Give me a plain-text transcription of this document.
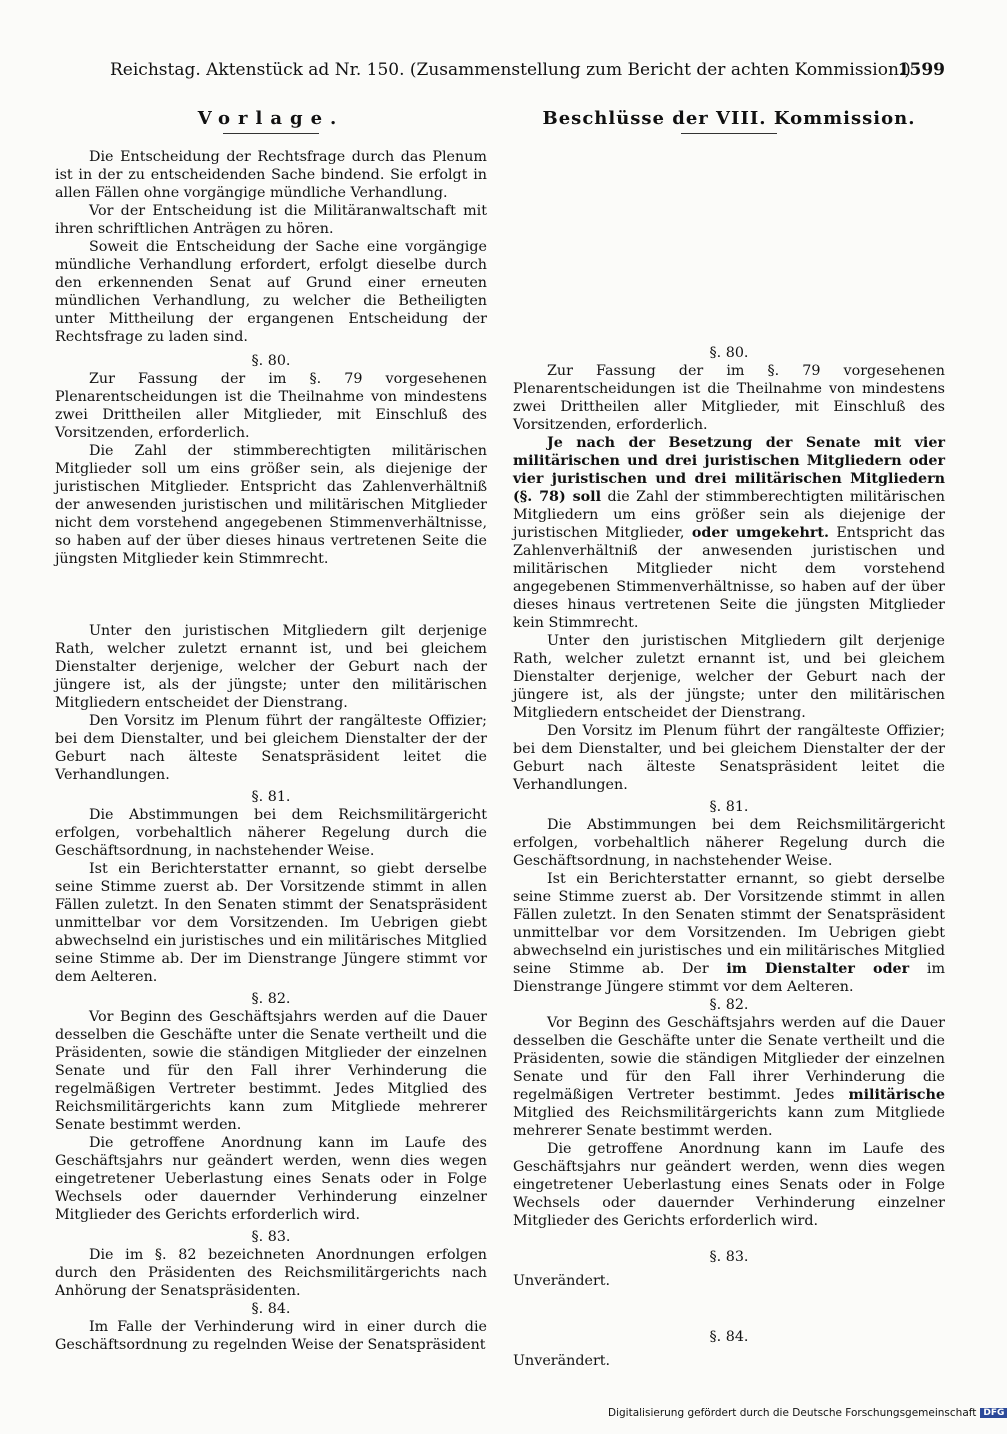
Reichstag. Aktenstück ad Nr. 150. (Zusammenstellung zum Bericht der achten Kommission.)
1599
Vorlage.

Die Entscheidung der Rechtsfrage durch das Plenum ist in der zu entscheidenden Sache bindend. Sie erfolgt in allen Fällen ohne vorgängige mündliche Verhandlung.

Vor der Entscheidung ist die Militäranwaltschaft mit ihren schriftlichen Anträgen zu hören.

Soweit die Entscheidung der Sache eine vorgängige mündliche Verhandlung erfordert, erfolgt dieselbe durch den erkennenden Senat auf Grund einer erneuten mündlichen Verhandlung, zu welcher die Betheiligten unter Mittheilung der ergangenen Entscheidung der Rechtsfrage zu laden sind.

§. 80.

Zur Fassung der im §. 79 vorgesehenen Plenarentscheidungen ist die Theilnahme von mindestens zwei Drittheilen aller Mitglieder, mit Einschluß des Vorsitzenden, erforderlich.

Die Zahl der stimmberechtigten militärischen Mitglieder soll um eins größer sein, als diejenige der juristischen Mitglieder. Entspricht das Zahlenverhältniß der anwesenden juristischen und militärischen Mitglieder nicht dem vorstehend angegebenen Stimmenverhältnisse, so haben auf der über dieses hinaus vertretenen Seite die jüngsten Mitglieder kein Stimmrecht.

Unter den juristischen Mitgliedern gilt derjenige Rath, welcher zuletzt ernannt ist, und bei gleichem Dienstalter derjenige, welcher der Geburt nach der jüngere ist, als der jüngste; unter den militärischen Mitgliedern entscheidet der Dienstrang.

Den Vorsitz im Plenum führt der rangälteste Offizier; bei dem Dienstalter, und bei gleichem Dienstalter der der Geburt nach älteste Senatspräsident leitet die Verhandlungen.

§. 81.

Die Abstimmungen bei dem Reichsmilitärgericht erfolgen, vorbehaltlich näherer Regelung durch die Geschäftsordnung, in nachstehender Weise.

Ist ein Berichterstatter ernannt, so giebt derselbe seine Stimme zuerst ab. Der Vorsitzende stimmt in allen Fällen zuletzt. In den Senaten stimmt der Senatspräsident unmittelbar vor dem Vorsitzenden. Im Uebrigen giebt abwechselnd ein juristisches und ein militärisches Mitglied seine Stimme ab. Der im Dienstrange Jüngere stimmt vor dem Aelteren.

§. 82.

Vor Beginn des Geschäftsjahrs werden auf die Dauer desselben die Geschäfte unter die Senate vertheilt und die Präsidenten, sowie die ständigen Mitglieder der einzelnen Senate und für den Fall ihrer Verhinderung die regelmäßigen Vertreter bestimmt. Jedes Mitglied des Reichsmilitärgerichts kann zum Mitgliede mehrerer Senate bestimmt werden.

Die getroffene Anordnung kann im Laufe des Geschäftsjahrs nur geändert werden, wenn dies wegen eingetretener Ueberlastung eines Senats oder in Folge Wechsels oder dauernder Verhinderung einzelner Mitglieder des Gerichts erforderlich wird.

§. 83.

Die im §. 82 bezeichneten Anordnungen erfolgen durch den Präsidenten des Reichsmilitärgerichts nach Anhörung der Senatspräsidenten.

§. 84.

Im Falle der Verhinderung wird in einer durch die Geschäftsordnung zu regelnden Weise der Senatspräsident

Beschlüsse der VIII. Kommission.
§. 80.

Zur Fassung der im §. 79 vorgesehenen Plenarentscheidungen ist die Theilnahme von mindestens zwei Drittheilen aller Mitglieder, mit Einschluß des Vorsitzenden, erforderlich.

Je nach der Besetzung der Senate mit vier militärischen und drei juristischen Mitgliedern oder vier juristischen und drei militärischen Mitgliedern (§. 78) soll die Zahl der stimmberechtigten militärischen Mitgliedern um eins größer sein als diejenige der juristischen Mitglieder, oder umgekehrt. Entspricht das Zahlenverhältniß der anwesenden juristischen und militärischen Mitglieder nicht dem vorstehend angegebenen Stimmenverhältnisse, so haben auf der über dieses hinaus vertretenen Seite die jüngsten Mitglieder kein Stimmrecht.

Unter den juristischen Mitgliedern gilt derjenige Rath, welcher zuletzt ernannt ist, und bei gleichem Dienstalter derjenige, welcher der Geburt nach der jüngere ist, als der jüngste; unter den militärischen Mitgliedern entscheidet der Dienstrang.

Den Vorsitz im Plenum führt der rangälteste Offizier; bei dem Dienstalter, und bei gleichem Dienstalter der der Geburt nach älteste Senatspräsident leitet die Verhandlungen.

§. 81.

Die Abstimmungen bei dem Reichsmilitärgericht erfolgen, vorbehaltlich näherer Regelung durch die Geschäftsordnung, in nachstehender Weise.

Ist ein Berichterstatter ernannt, so giebt derselbe seine Stimme zuerst ab. Der Vorsitzende stimmt in allen Fällen zuletzt. In den Senaten stimmt der Senatspräsident unmittelbar vor dem Vorsitzenden. Im Uebrigen giebt abwechselnd ein juristisches und ein militärisches Mitglied seine Stimme ab. Der im Dienstalter oder im Dienstrange Jüngere stimmt vor dem Aelteren.

§. 82.

Vor Beginn des Geschäftsjahrs werden auf die Dauer desselben die Geschäfte unter die Senate vertheilt und die Präsidenten, sowie die ständigen Mitglieder der einzelnen Senate und für den Fall ihrer Verhinderung die regelmäßigen Vertreter bestimmt. Jedes militärische Mitglied des Reichsmilitärgerichts kann zum Mitgliede mehrerer Senate bestimmt werden.

Die getroffene Anordnung kann im Laufe des Geschäftsjahrs nur geändert werden, wenn dies wegen eingetretener Ueberlastung eines Senats oder in Folge Wechsels oder dauernder Verhinderung einzelner Mitglieder des Gerichts erforderlich wird.

§. 83.

Unverändert.

§. 84.

Unverändert.

Digitalisierung gefördert durch die Deutsche Forschungsgemeinschaft DFG
